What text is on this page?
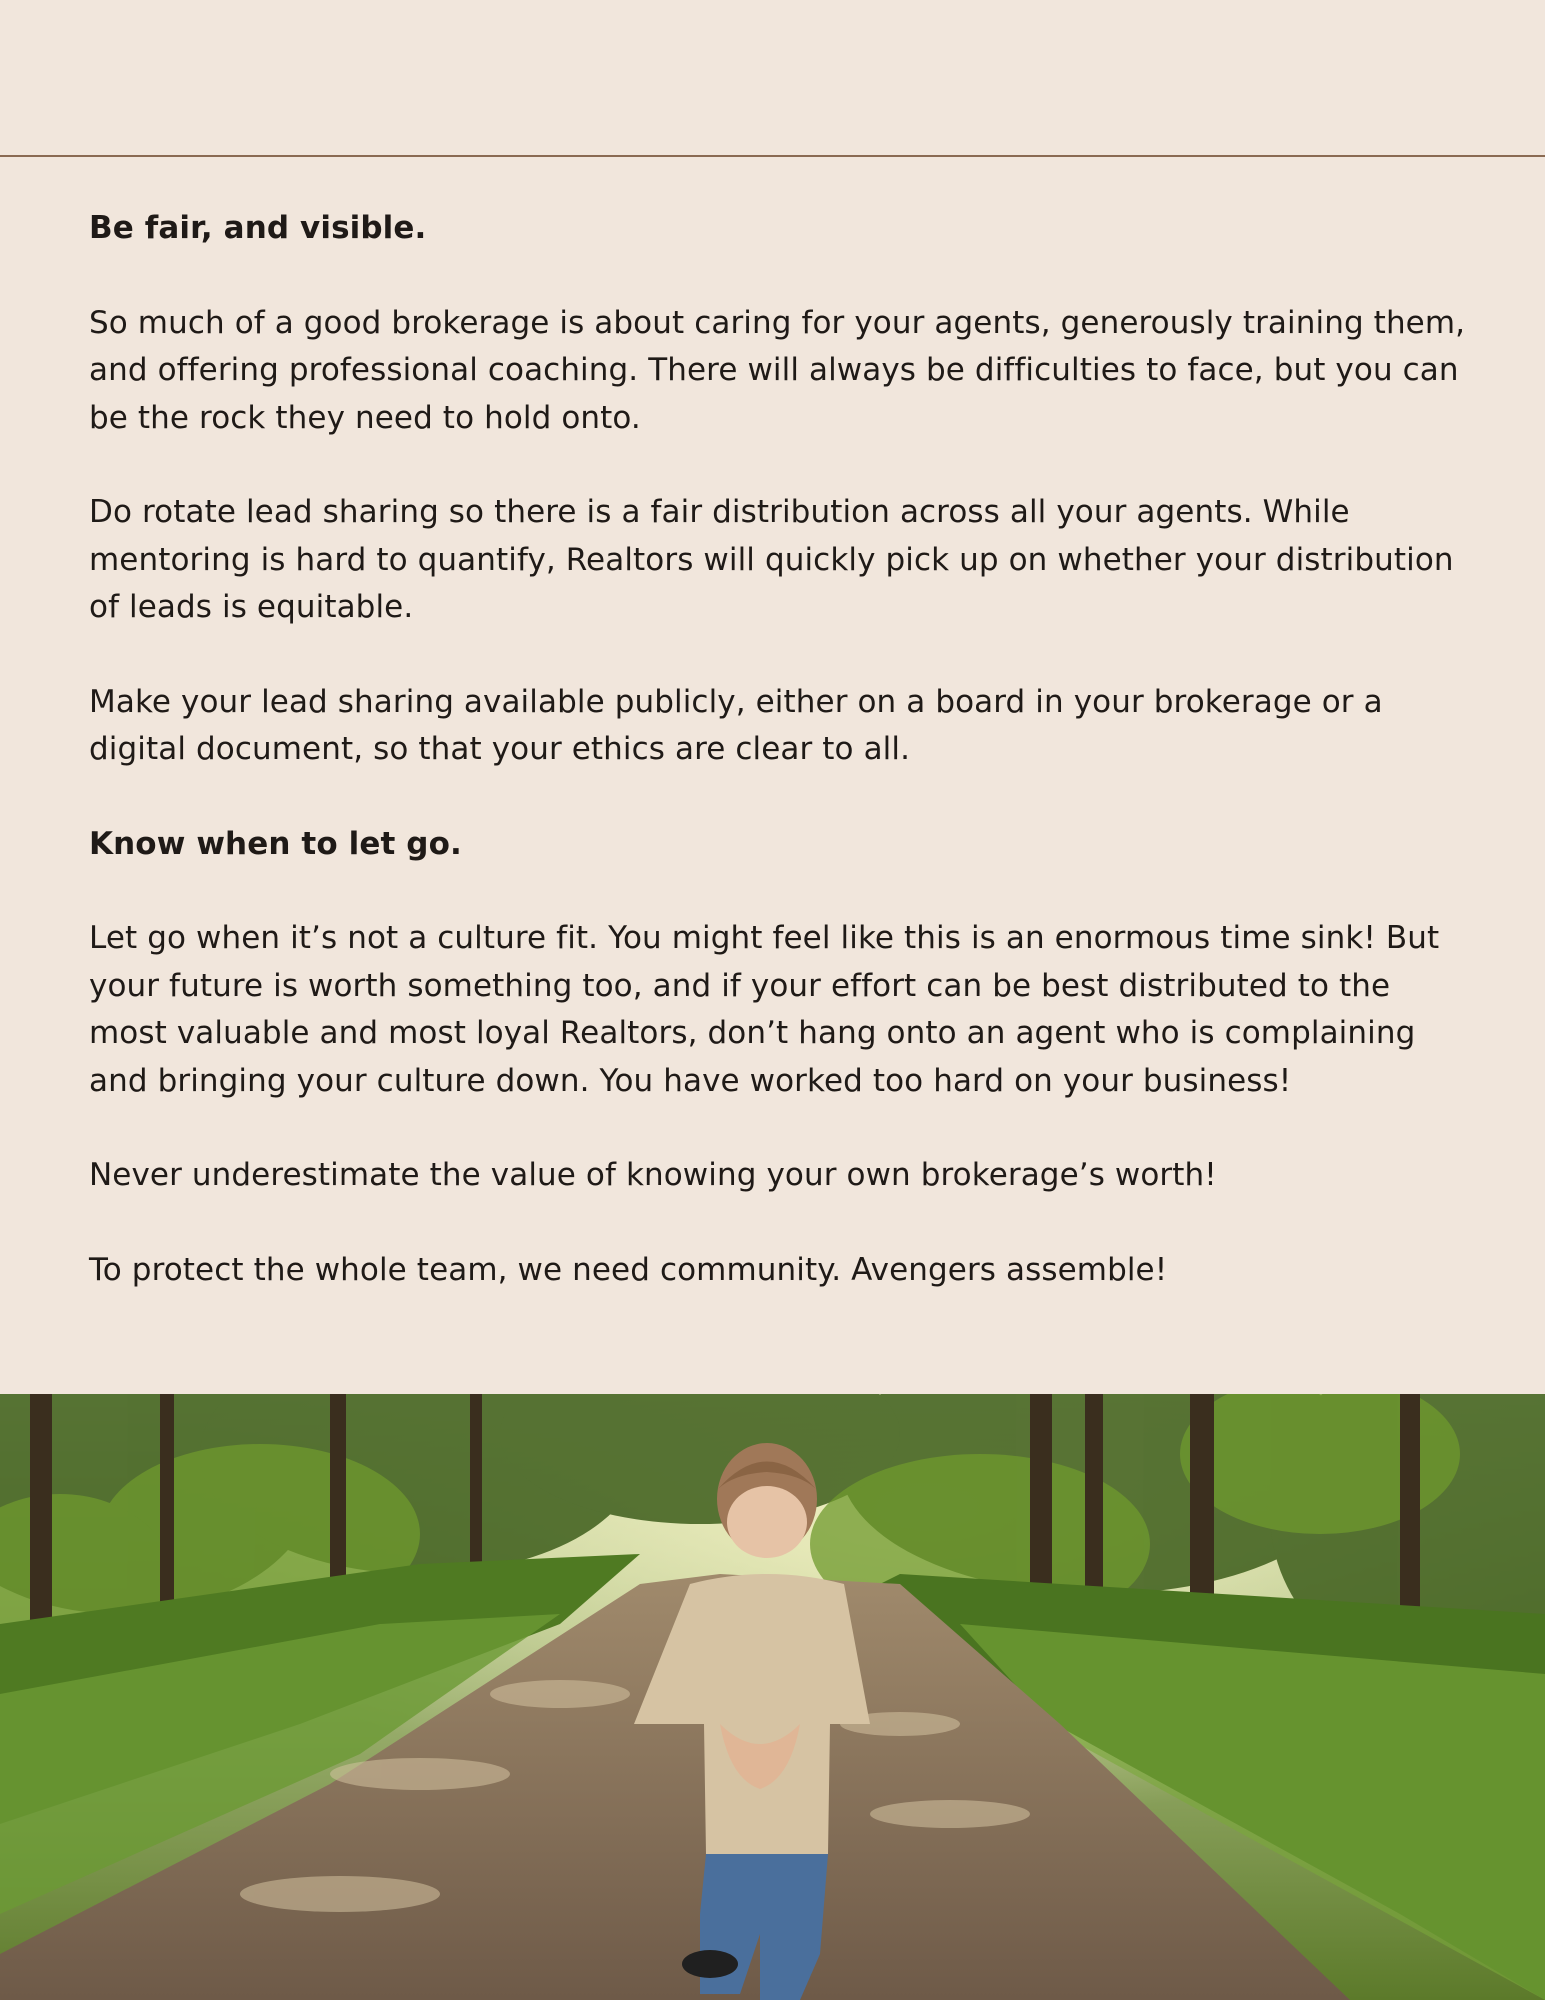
Be fair, and visible.

So much of a good brokerage is about caring for your agents, generously training them, and offering professional coaching. There will always be difficulties to face, but you can be the rock they need to hold onto.

Do rotate lead sharing so there is a fair distribution across all your agents. While mentoring is hard to quantify, Realtors will quickly pick up on whether your distribution of leads is equitable.

Make your lead sharing available publicly, either on a board in your brokerage or a digital document, so that your ethics are clear to all.

Know when to let go.

Let go when it’s not a culture fit. You might feel like this is an enormous time sink! But your future is worth something too, and if your effort can be best distributed to the most valuable and most loyal Realtors, don’t hang onto an agent who is complaining and bringing your culture down. You have worked too hard on your business!

Never underestimate the value of knowing your own brokerage’s worth!

To protect the whole team, we need community. Avengers assemble!
